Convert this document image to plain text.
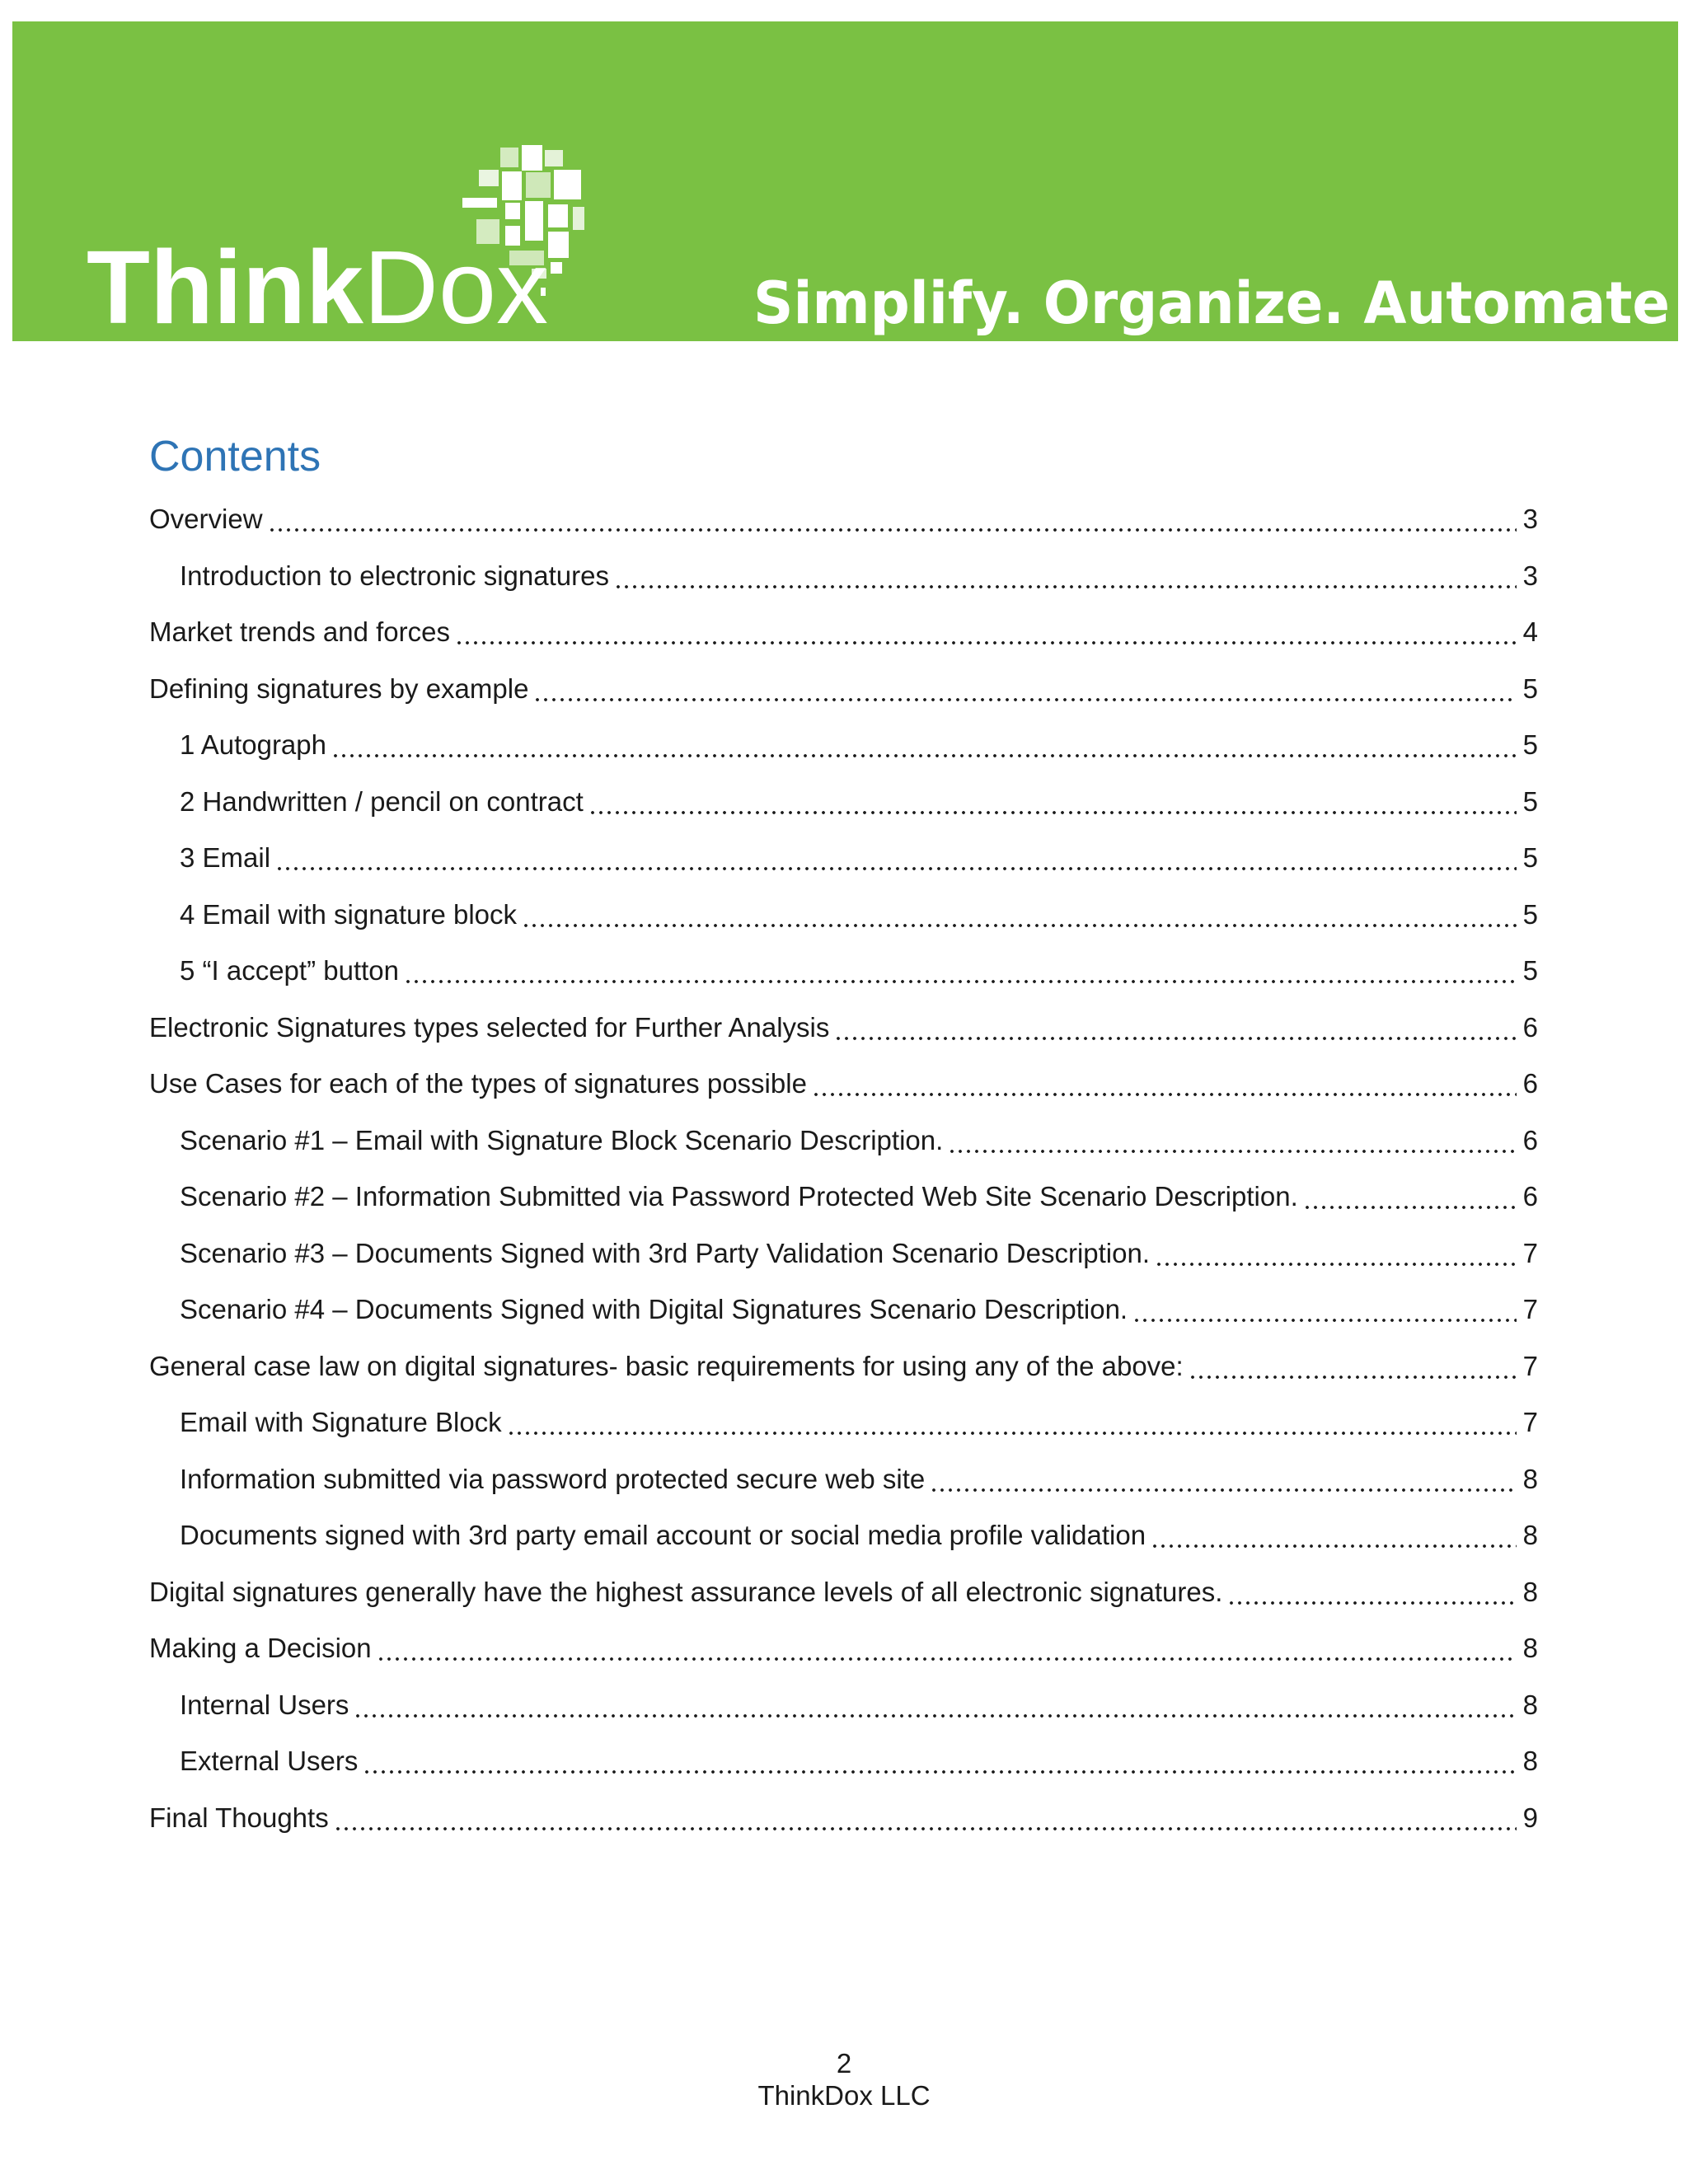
ThinkDox	Simplify. Organize. Automate
Contents
Overview	3
Introduction to electronic signatures	3
Market trends and forces	4
Defining signatures by example	5
1 Autograph	5
2 Handwritten / pencil on contract	5
3 Email	5
4 Email with signature block	5
5 “I accept” button	5
Electronic Signatures types selected for Further Analysis	6
Use Cases for each of the types of signatures possible	6
Scenario #1 – Email with Signature Block Scenario Description.	6
Scenario #2 – Information Submitted via Password Protected Web Site Scenario Description.	6
Scenario #3 – Documents Signed with 3rd Party Validation Scenario Description.	7
Scenario #4 – Documents Signed with Digital Signatures Scenario Description.	7
General case law on digital signatures- basic requirements for using any of the above:	7
Email with Signature Block	7
Information submitted via password protected secure web site	8
Documents signed with 3rd party email account or social media profile validation	8
Digital signatures generally have the highest assurance levels of all electronic signatures.	8
Making a Decision	8
Internal Users	8
External Users	8
Final Thoughts	9
2
ThinkDox LLC
